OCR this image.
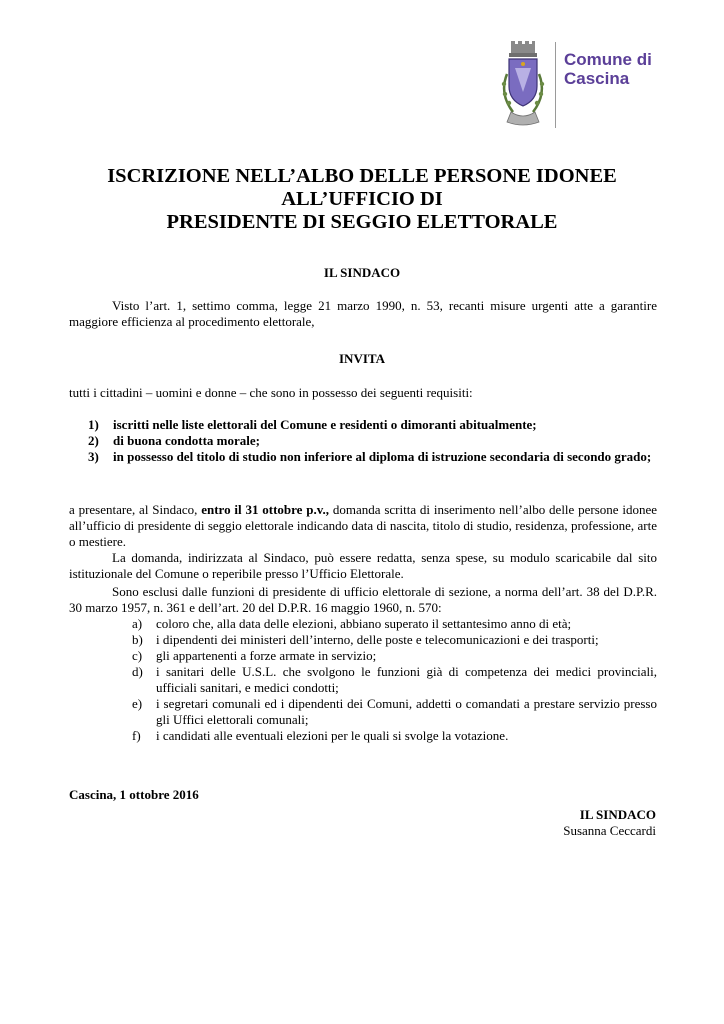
Comune di
Cascina
ISCRIZIONE NELL’ALBO DELLE PERSONE IDONEE
ALL’UFFICIO DI
PRESIDENTE DI SEGGIO ELETTORALE
IL SINDACO
Visto l’art. 1, settimo comma, legge 21 marzo 1990, n. 53, recanti misure urgenti atte a garantire maggiore efficienza al procedimento elettorale,
INVITA
tutti i cittadini – uomini e donne – che sono in possesso dei seguenti requisiti:
1)	iscritti nelle liste elettorali del Comune e residenti o dimoranti abitualmente;
2)	di buona condotta morale;
3)	in possesso del titolo di studio non inferiore al diploma di istruzione secondaria di secondo grado;
a presentare, al Sindaco, entro il 31 ottobre p.v., domanda scritta di inserimento nell’albo delle persone idonee all’ufficio di presidente di seggio elettorale indicando data di nascita, titolo di studio, residenza, professione, arte o mestiere.
La domanda, indirizzata al Sindaco, può essere redatta, senza spese, su modulo scaricabile dal sito istituzionale del Comune o reperibile presso l’Ufficio Elettorale.
Sono esclusi dalle funzioni di presidente di ufficio elettorale di sezione, a norma dell’art. 38 del D.P.R. 30 marzo 1957, n. 361 e dell’art. 20 del D.P.R. 16 maggio 1960, n. 570:
a)	coloro che, alla data delle elezioni, abbiano superato il settantesimo anno di età;
b)	i dipendenti dei ministeri dell’interno, delle poste e telecomunicazioni e dei trasporti;
c)	gli appartenenti a forze armate in servizio;
d)	i sanitari delle U.S.L. che svolgono le funzioni già di competenza dei medici provinciali, ufficiali sanitari, e medici condotti;
e)	i segretari comunali ed i dipendenti dei Comuni, addetti o comandati a prestare servizio presso gli Uffici elettorali comunali;
f)	i candidati alle eventuali elezioni per le quali si svolge la votazione.
Cascina, 1 ottobre 2016
IL SINDACO
Susanna Ceccardi
